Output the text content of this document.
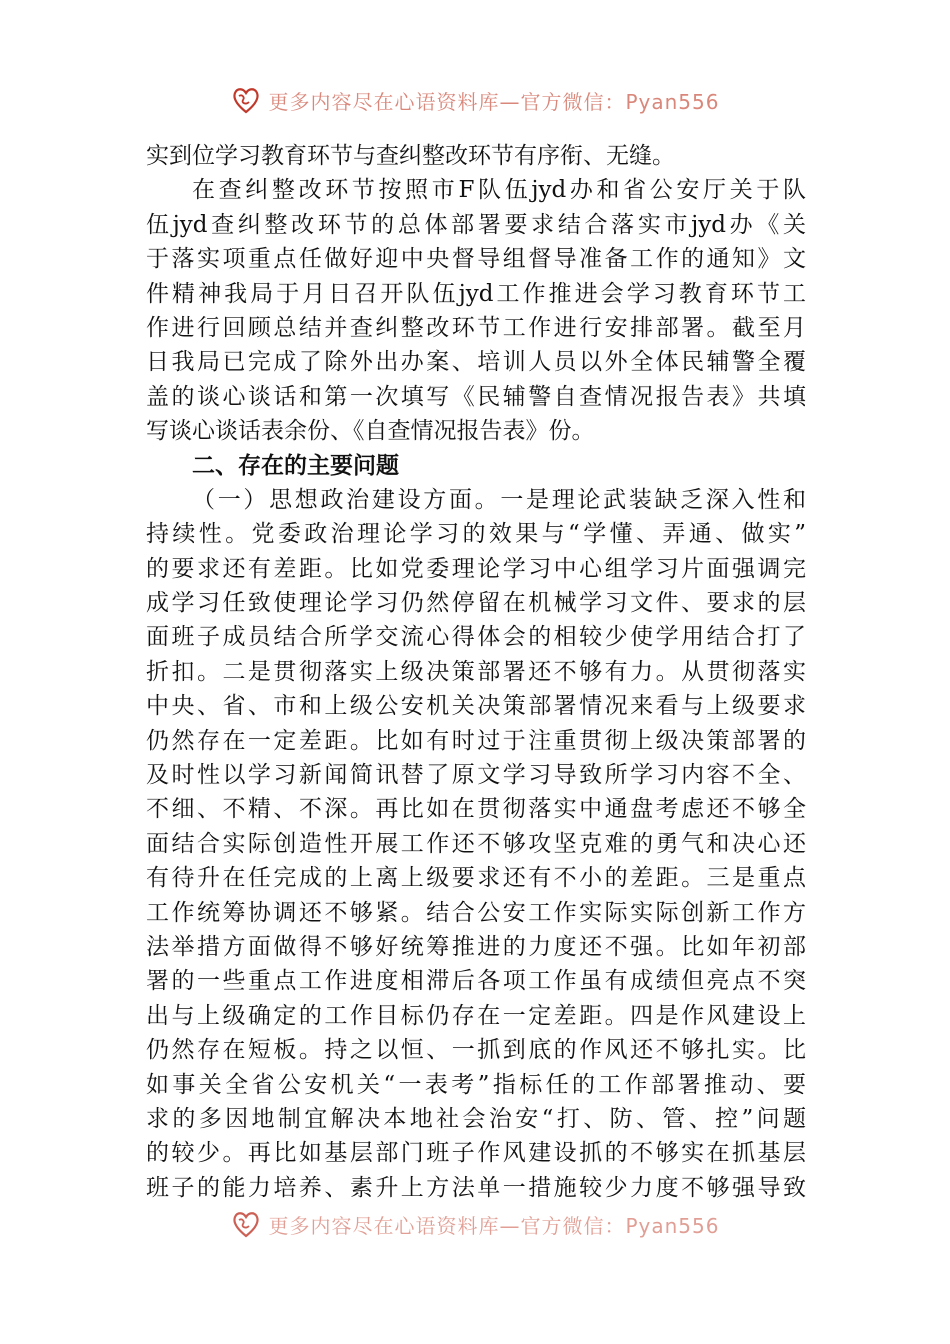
更多内容尽在心语资料库—官方微信：Pyan556
实到位学习教育环节与查纠整改环节有序衔、无缝。
在查纠整改环节按照市F队伍jyd办和省公安厅关于队
伍jyd查纠整改环节的总体部署要求结合落实市jyd办《关
于落实项重点任做好迎中央督导组督导准备工作的通知》文
件精神我局于月日召开队伍jyd工作推进会学习教育环节工
作进行回顾总结并查纠整改环节工作进行安排部署。截至月
日我局已完成了除外出办案、培训人员以外全体民辅警全覆
盖的谈心谈话和第一次填写《民辅警自查情况报告表》共填
写谈心谈话表余份、《自查情况报告表》份。
二、存在的主要问题
（一）思想政治建设方面。一是理论武装缺乏深入性和
持续性。党委政治理论学习的效果与“学懂、弄通、做实”
的要求还有差距。比如党委理论学习中心组学习片面强调完
成学习任致使理论学习仍然停留在机械学习文件、要求的层
面班子成员结合所学交流心得体会的相较少使学用结合打了
折扣。二是贯彻落实上级决策部署还不够有力。从贯彻落实
中央、省、市和上级公安机关决策部署情况来看与上级要求
仍然存在一定差距。比如有时过于注重贯彻上级决策部署的
及时性以学习新闻简讯替了原文学习导致所学习内容不全、
不细、不精、不深。再比如在贯彻落实中通盘考虑还不够全
面结合实际创造性开展工作还不够攻坚克难的勇气和决心还
有待升在任完成的上离上级要求还有不小的差距。三是重点
工作统筹协调还不够紧。结合公安工作实际实际创新工作方
法举措方面做得不够好统筹推进的力度还不强。比如年初部
署的一些重点工作进度相滞后各项工作虽有成绩但亮点不突
出与上级确定的工作目标仍存在一定差距。四是作风建设上
仍然存在短板。持之以恒、一抓到底的作风还不够扎实。比
如事关全省公安机关“一表考”指标任的工作部署推动、要
求的多因地制宜解决本地社会治安“打、防、管、控”问题
的较少。再比如基层部门班子作风建设抓的不够实在抓基层
班子的能力培养、素升上方法单一措施较少力度不够强导致
更多内容尽在心语资料库—官方微信：Pyan556
